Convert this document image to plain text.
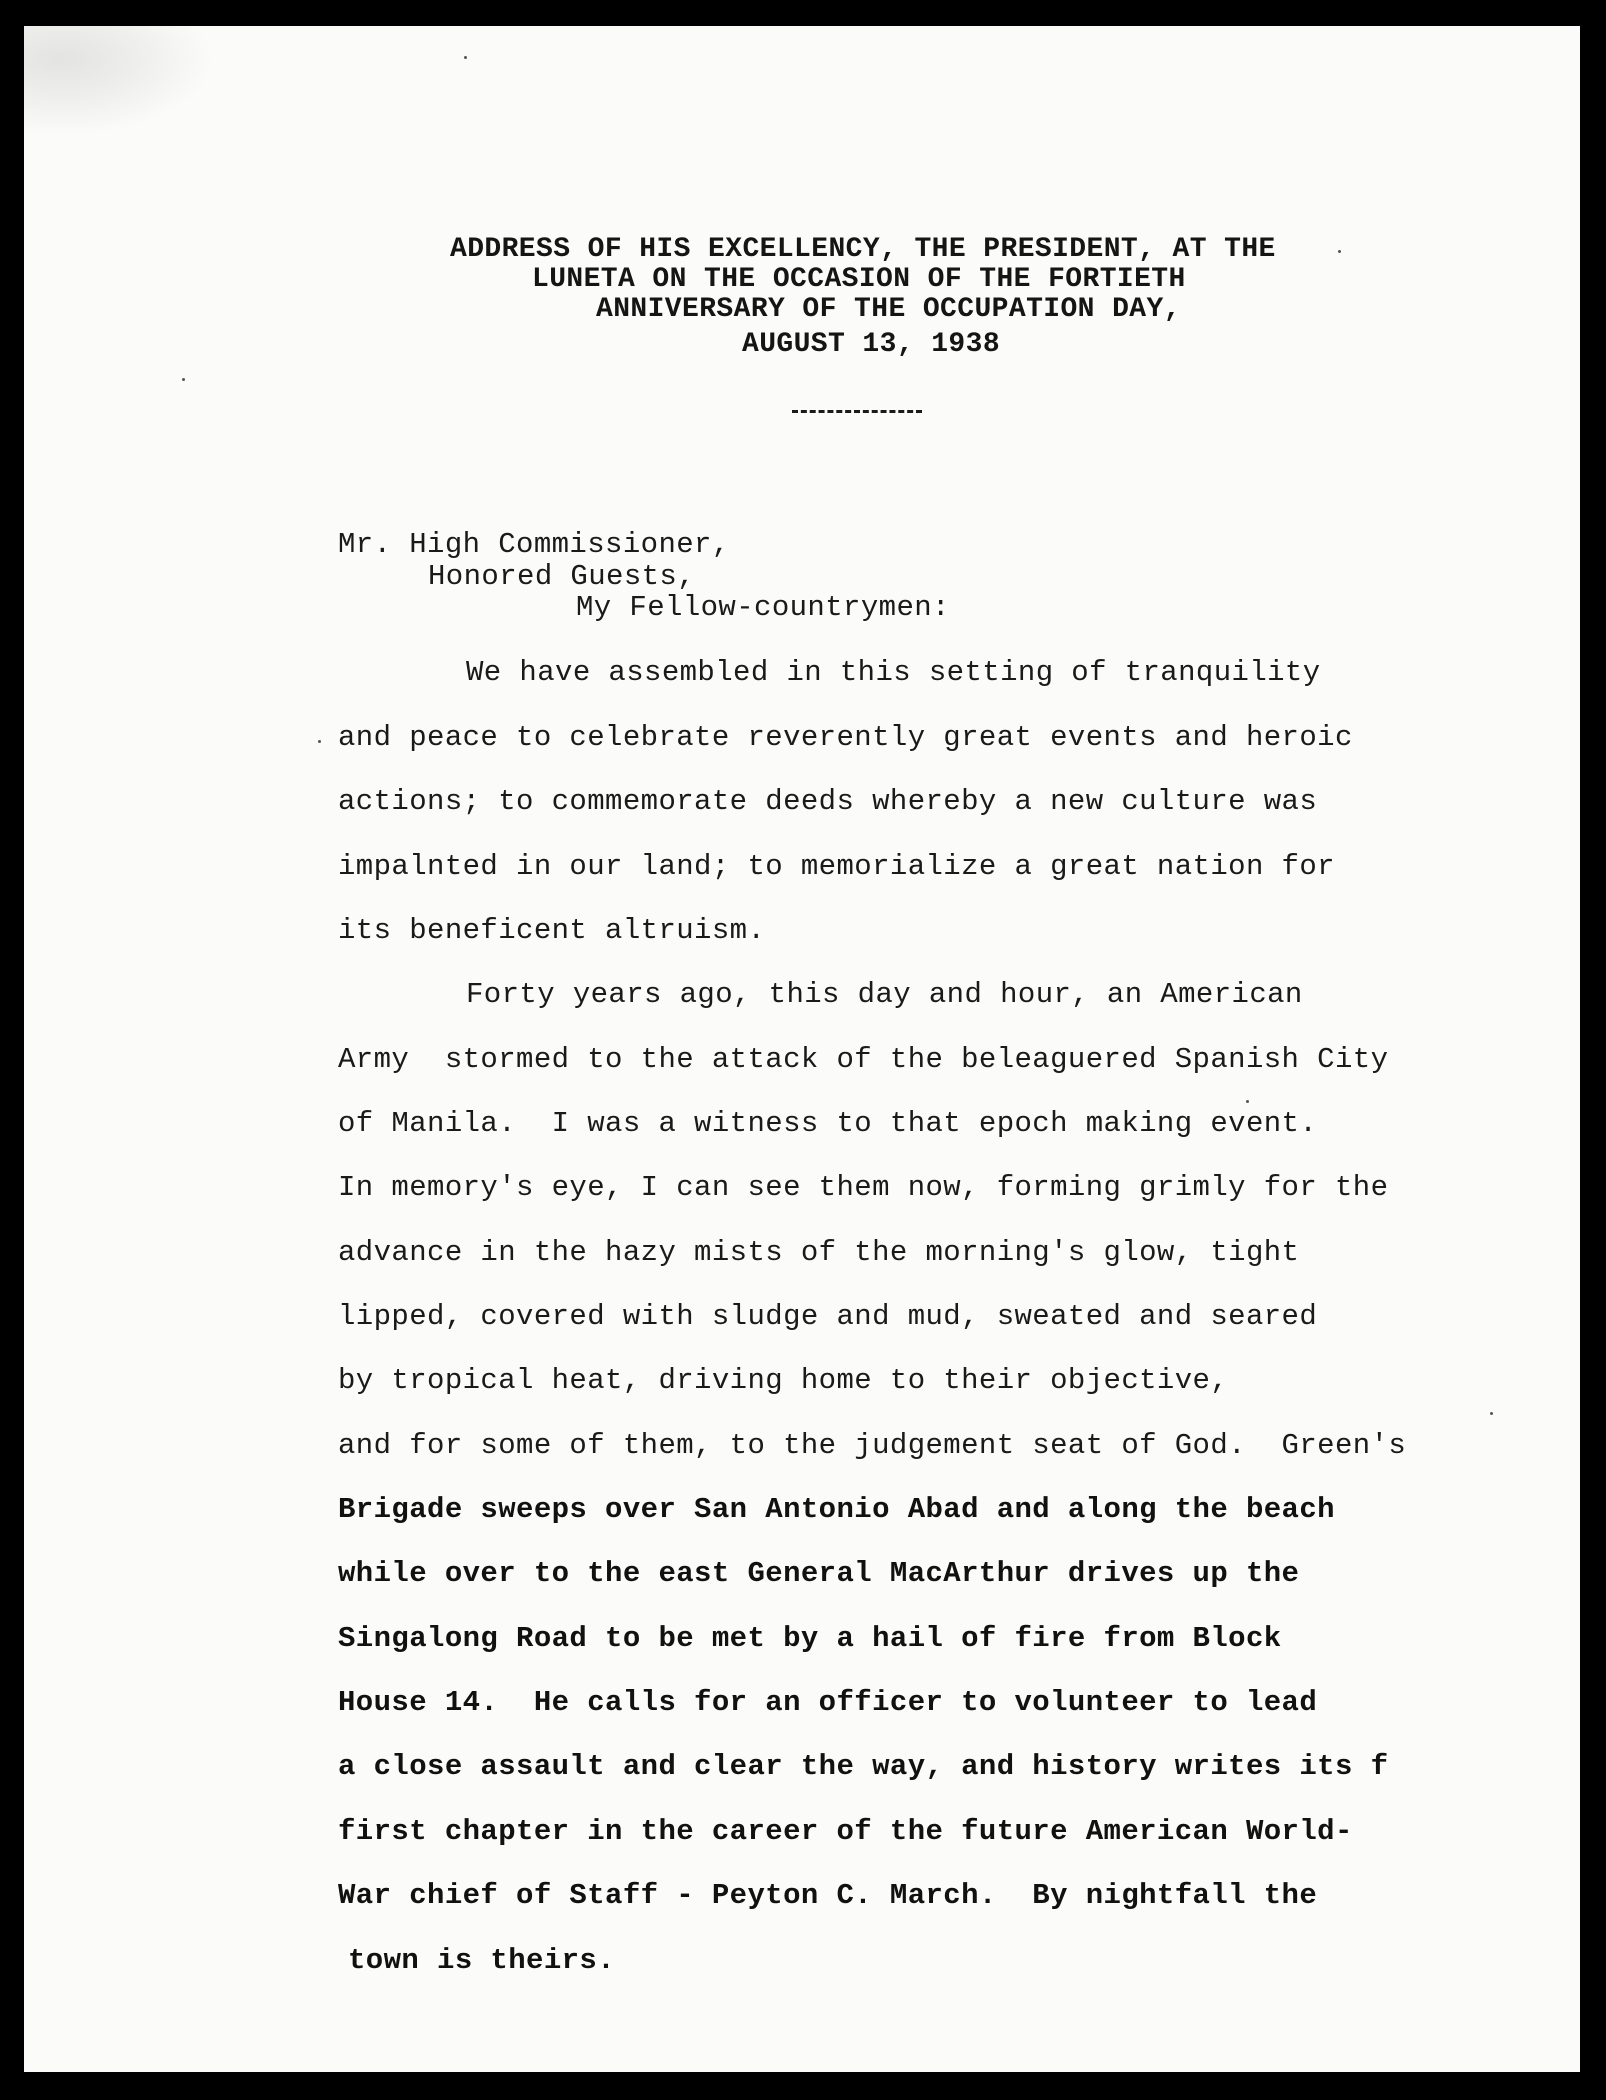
ADDRESS OF HIS EXCELLENCY, THE PRESIDENT, AT THE

LUNETA ON THE OCCASION OF THE FORTIETH

ANNIVERSARY OF THE OCCUPATION DAY,

AUGUST 13, 1938

Mr. High Commissioner,

Honored Guests,

My Fellow-countrymen:

We have assembled in this setting of tranquility

and peace to celebrate reverently great events and heroic

actions; to commemorate deeds whereby a new culture was

impalnted in our land; to memorialize a great nation for

its beneficent altruism.

Forty years ago, this day and hour, an American

Army  stormed to the attack of the beleaguered Spanish City

of Manila.  I was a witness to that epoch making event.

In memory's eye, I can see them now, forming grimly for the

advance in the hazy mists of the morning's glow, tight

lipped, covered with sludge and mud, sweated and seared

by tropical heat, driving home to their objective,

and for some of them, to the judgement seat of God.  Green's

Brigade sweeps over San Antonio Abad and along the beach

while over to the east General MacArthur drives up the

Singalong Road to be met by a hail of fire from Block

House 14.  He calls for an officer to volunteer to lead

a close assault and clear the way, and history writes its f

first chapter in the career of the future American World-

War chief of Staff - Peyton C. March.  By nightfall the

town is theirs.
